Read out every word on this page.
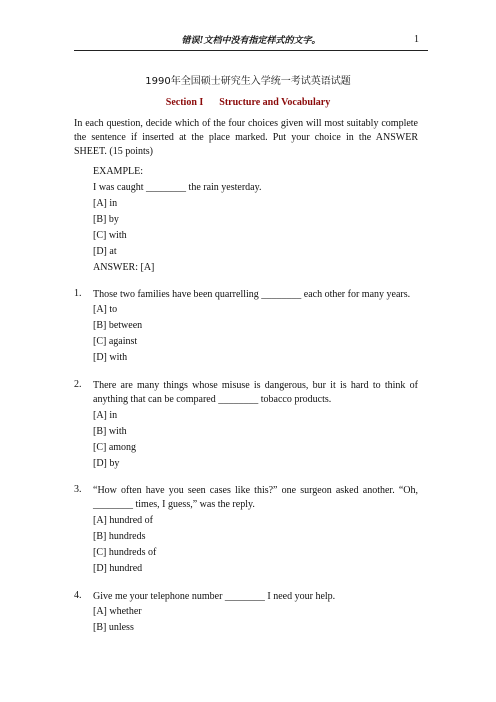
错误!文档中没有指定样式的文字。	1
1990年全国硕士研究生入学统一考试英语试题
Section I Structure and Vocabulary
In each question, decide which of the four choices given will most suitably complete the sentence if inserted at the place marked. Put your choice in the ANSWER SHEET. (15 points)
EXAMPLE:
I was caught ________ the rain yesterday.
[A] in
[B] by
[C] with
[D] at
ANSWER: [A]
1. Those two families have been quarrelling ________ each other for many years.
[A] to
[B] between
[C] against
[D] with
2. There are many things whose misuse is dangerous, bur it is hard to think of anything that can be compared ________ tobacco products.
[A] in
[B] with
[C] among
[D] by
3. “How often have you seen cases like this?” one surgeon asked another. “Oh, ________ times, I guess,” was the reply.
[A] hundred of
[B] hundreds
[C] hundreds of
[D] hundred
4. Give me your telephone number ________ I need your help.
[A] whether
[B] unless
